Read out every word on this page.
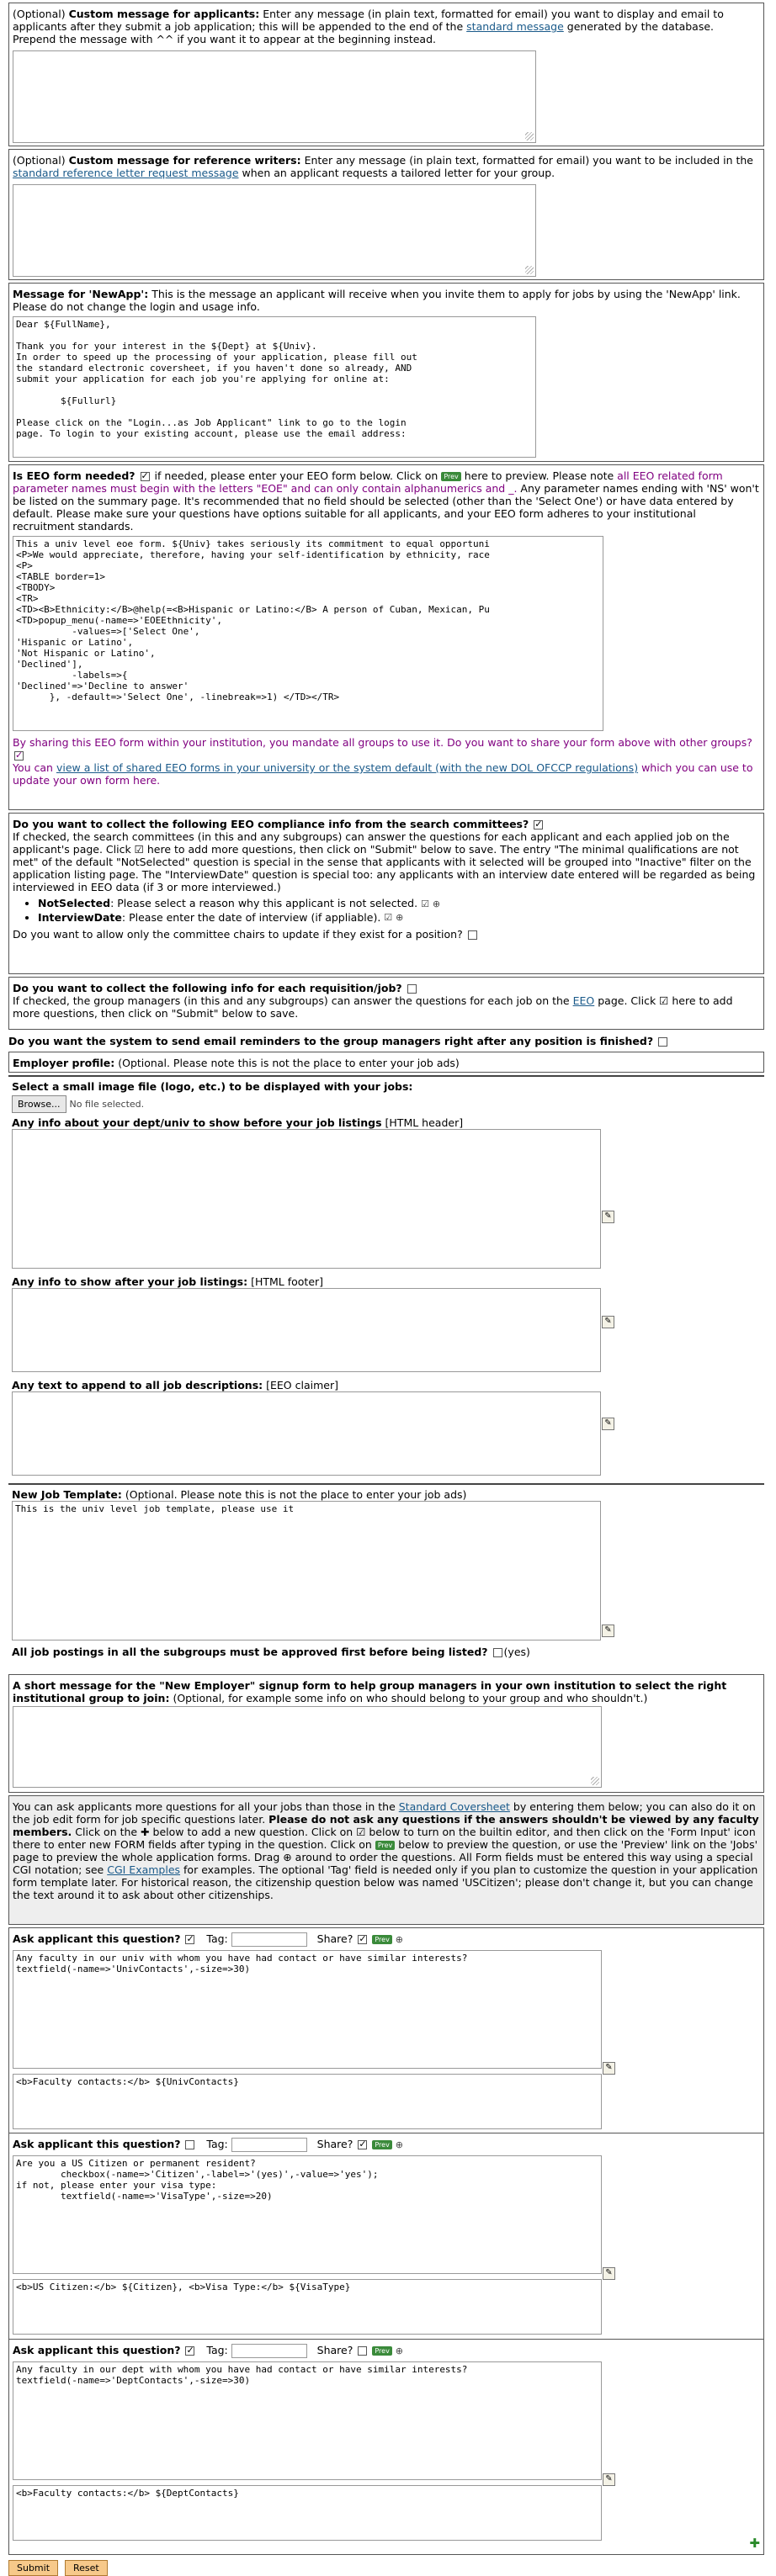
(Optional) Custom message for applicants: Enter any message (in plain text, formatted for email) you want to display and email to applicants after they submit a job application; this will be appended to the end of the standard message generated by the database. Prepend the message with ^^ if you want it to appear at the beginning instead.

(Optional) Custom message for reference writers: Enter any message (in plain text, formatted for email) you want to be included in the standard reference letter request message when an applicant requests a tailored letter for your group.

Message for 'NewApp': This is the message an applicant will receive when you invite them to apply for jobs by using the 'NewApp' link. Please do not change the login and usage info.

Dear ${FullName},

Thank you for your interest in the ${Dept} at ${Univ}.
In order to speed up the processing of your application, please fill out
the standard electronic coversheet, if you haven't done so already, AND
submit your application for each job you're applying for online at:

${Fullurl}

Please click on the "Login...as Job Applicant" link to go to the login
page. To login to your existing account, please use the email address:

Is EEO form needed? ✓ if needed, please enter your EEO form below. Click on Prev here to preview. Please note all EEO related form parameter names must begin with the letters "EOE" and can only contain alphanumerics and _. Any parameter names ending with 'NS' won't be listed on the summary page. It's recommended that no field should be selected (other than the 'Select One') or have data entered by default. Please make sure your questions have options suitable for all applicants, and your EEO form adheres to your institutional recruitment standards.

This a univ level eoe form. ${Univ} takes seriously its commitment to equal opportuni
<P>We would appreciate, therefore, having your self-identification by ethnicity, race
<P>
<TABLE border=1>
<TBODY>
<TR>
<TD><B>Ethnicity:</B>@help(=<B>Hispanic or Latino:</B> A person of Cuban, Mexican, Pu
<TD>popup_menu(-name=>'EOEEthnicity',
-values=>['Select One',
'Hispanic or Latino',
'Not Hispanic or Latino',
'Declined'],
-labels=>{
'Declined'=>'Decline to answer'
}, -default=>'Select One', -linebreak=>1) </TD></TR>

By sharing this EEO form within your institution, you mandate all groups to use it. Do you want to share your form above with other groups? ✓

You can view a list of shared EEO forms in your university or the system default (with the new DOL OFCCP regulations) which you can use to update your own form here.

Do you want to collect the following EEO compliance info from the search committees? ✓
If checked, the search committees (in this and any subgroups) can answer the questions for each applicant and each applied job on the applicant's page. Click ☑ here to add more questions, then click on "Submit" below to save. The entry "The minimal qualifications are not met" of the default "NotSelected" question is special in the sense that applicants with it selected will be grouped into "Inactive" filter on the application listing page. The "InterviewDate" question is special too: any applicants with an interview date entered will be regarded as being interviewed in EEO data (if 3 or more interviewed.)

• NotSelected: Please select a reason why this applicant is not selected. ☑ ⊕
• InterviewDate: Please enter the date of interview (if appliable). ☑ ⊕

Do you want to allow only the committee chairs to update if they exist for a position?

Do you want to collect the following info for each requisition/job?
If checked, the group managers (in this and any subgroups) can answer the questions for each job on the EEO page. Click ☑ here to add more questions, then click on "Submit" below to save.

Do you want the system to send email reminders to the group managers right after any position is finished?

Employer profile: (Optional. Please note this is not the place to enter your job ads)

Select a small image file (logo, etc.) to be displayed with your jobs:

Browse... No file selected.

Any info about your dept/univ to show before your job listings [HTML header]

✎

Any info to show after your job listings: [HTML footer]

✎

Any text to append to all job descriptions: [EEO claimer]

✎

New Job Template: (Optional. Please note this is not the place to enter your job ads)

This is the univ level job template, please use it
✎

All job postings in all the subgroups must be approved first before being listed? (yes)

A short message for the "New Employer" signup form to help group managers in your own institution to select the right institutional group to join: (Optional, for example some info on who should belong to your group and who shouldn't.)

You can ask applicants more questions for all your jobs than those in the Standard Coversheet by entering them below; you can also do it on the job edit form for job specific questions later. Please do not ask any questions if the answers shouldn't be viewed by any faculty members. Click on the ✚ below to add a new question. Click on ☑ below to turn on the builtin editor, and then click on the 'Form Input' icon there to enter new FORM fields after typing in the question. Click on Prev below to preview the question, or use the 'Preview' link on the 'Jobs' page to preview the whole application forms. Drag ⊕ around to order the questions. All Form fields must be entered this way using a special CGI notation; see CGI Examples for examples. The optional 'Tag' field is needed only if you plan to customize the question in your application form template later. For historical reason, the citizenship question below was named 'USCitizen'; please don't change it, but you can change the text around it to ask about other citizenships.

Ask applicant this question? ✓ Tag:	Share? ✓	Prev ⊕

Any faculty in our univ with whom you have had contact or have similar interests?
textfield(-name=>'UnivContacts',-size=>30)
✎
<b>Faculty contacts:</b> ${UnivContacts}

Ask applicant this question? Tag:	Share? ✓	Prev ⊕

Are you a US Citizen or permanent resident?
checkbox(-name=>'Citizen',-label=>'(yes)',-value=>'yes');
if not, please enter your visa type:
textfield(-name=>'VisaType',-size=>20)
✎
<b>US Citizen:</b> ${Citizen}, <b>Visa Type:</b> ${VisaType}

Ask applicant this question? ✓ Tag:	Share?	Prev ⊕

Any faculty in our dept with whom you have had contact or have similar interests?
textfield(-name=>'DeptContacts',-size=>30)
✎
<b>Faculty contacts:</b> ${DeptContacts}
✚
Submit	Reset
